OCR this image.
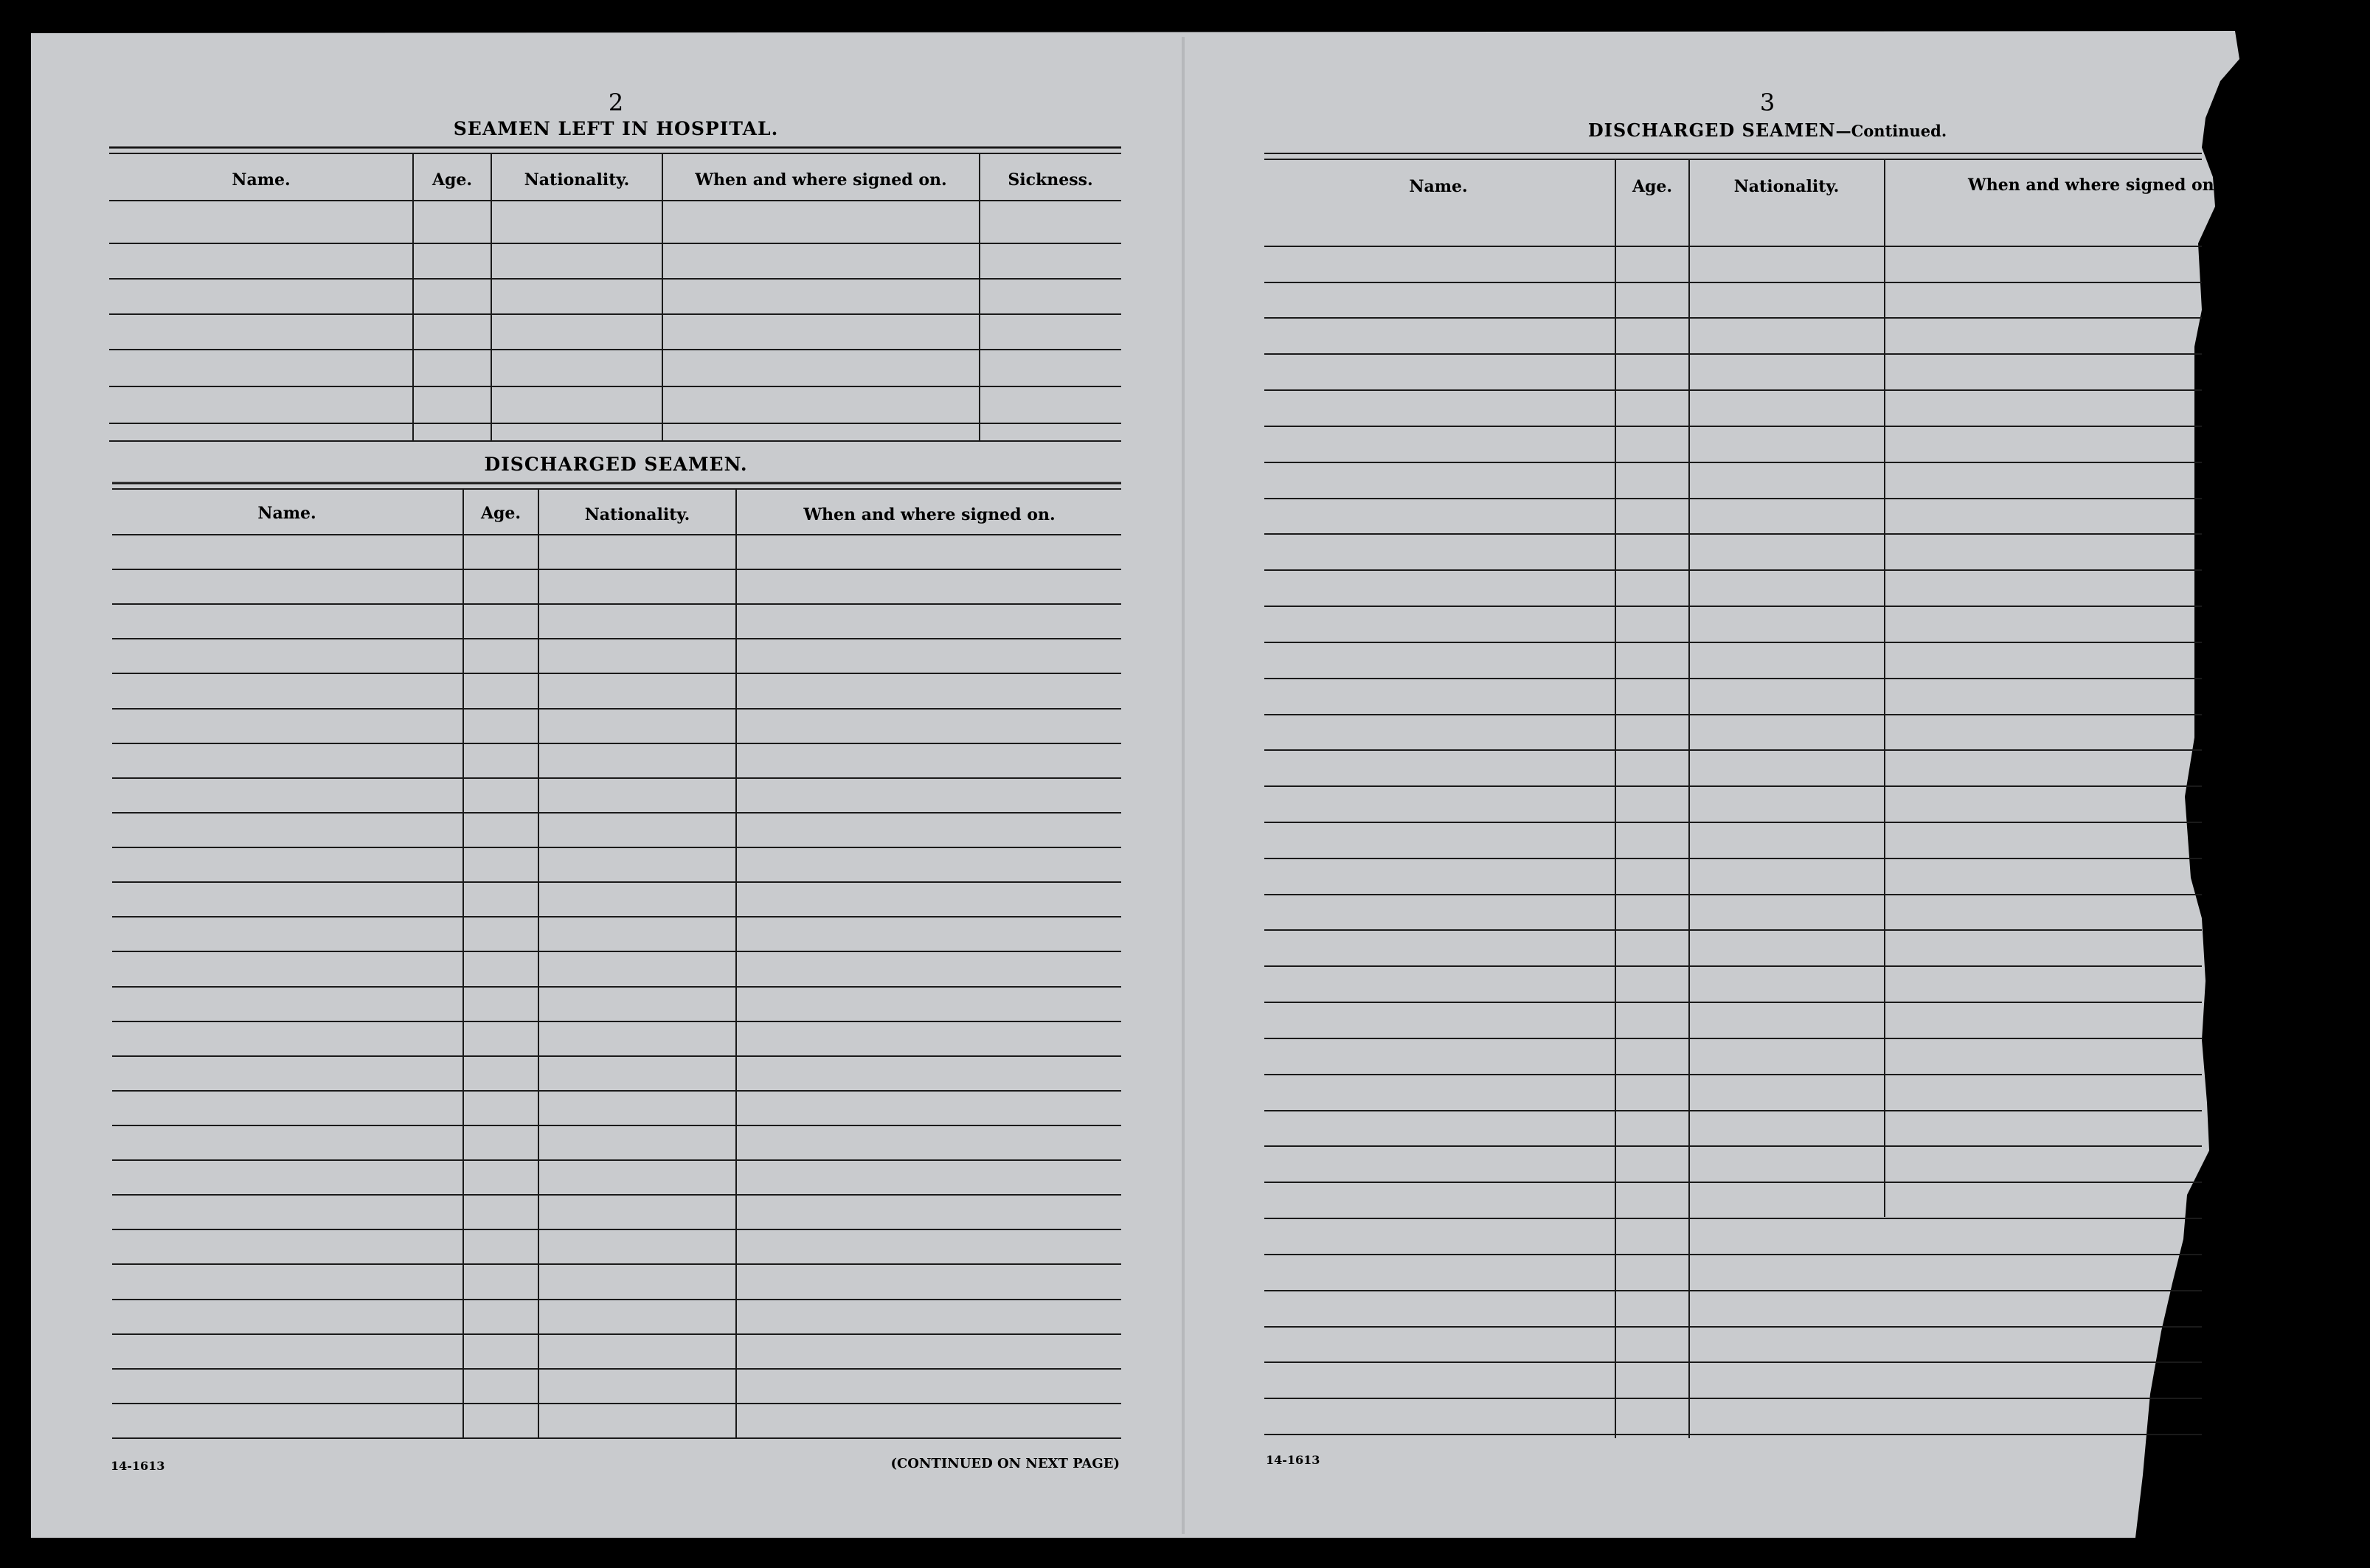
2
SEAMEN LEFT IN HOSPITAL.
Name.	Age.	Nationality.	When and where signed on.	Sickness.
DISCHARGED SEAMEN.
Name.	Age.	Nationality.	When and where signed on.
14-1613	(CONTINUED ON NEXT PAGE)
3
DISCHARGED SEAMEN—Continued.
Name.	Age.	Nationality.	When and where signed on
14-1613
